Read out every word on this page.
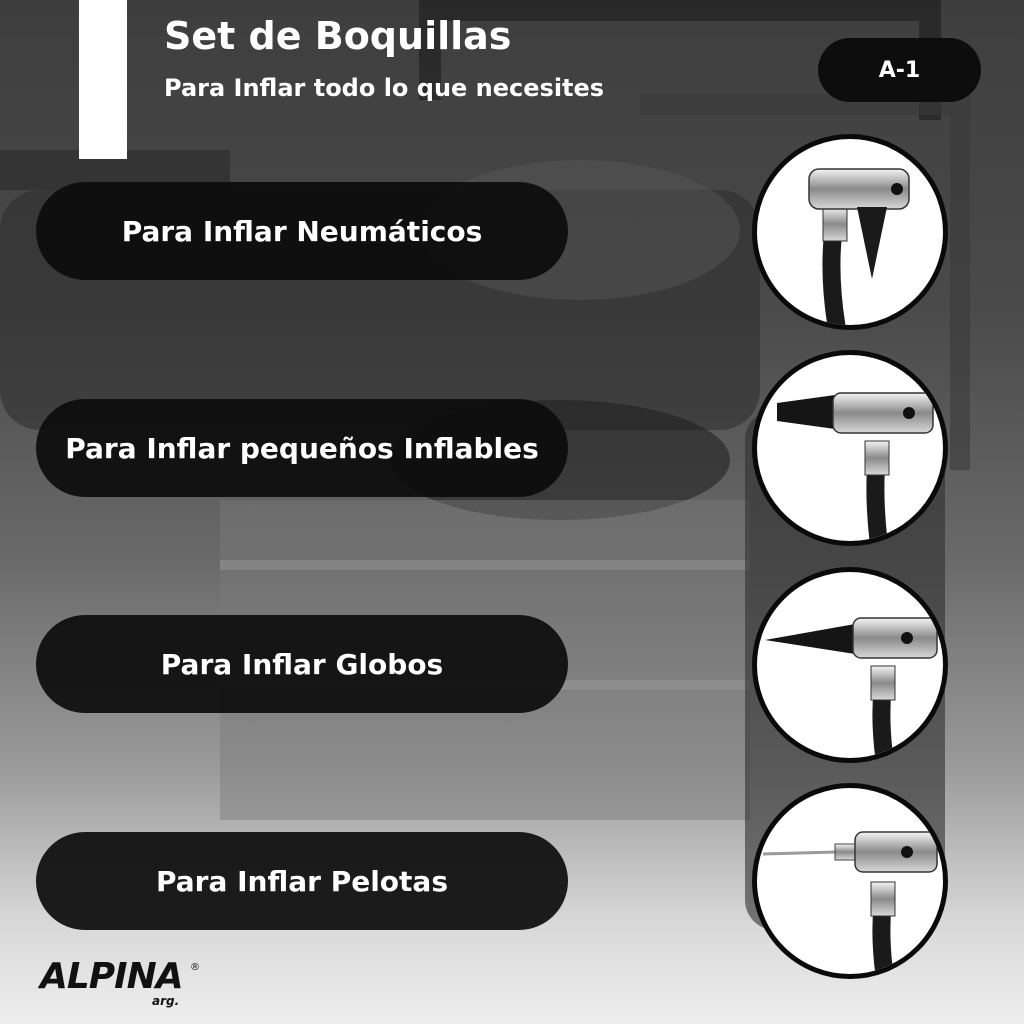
Set de Boquillas
Para Inflar todo lo que necesites
A-1
Para Inflar Neumáticos
Para Inflar pequeños Inflables
Para Inflar Globos
Para Inflar Pelotas
ALPINA ®
arg.
